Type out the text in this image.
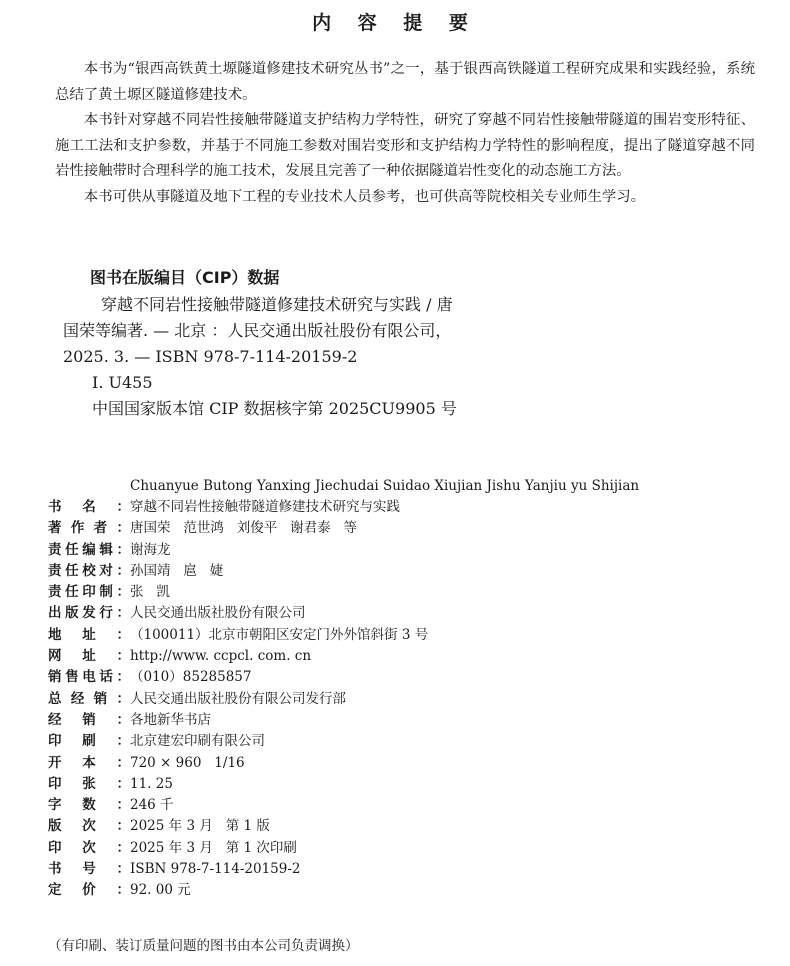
内 容 提 要

本书为“银西高铁黄土塬隧道修建技术研究丛书”之一，基于银西高铁隧道工程研究成果和实践经验，系统总结了黄土塬区隧道修建技术。

本书针对穿越不同岩性接触带隧道支护结构力学特性，研究了穿越不同岩性接触带隧道的围岩变形特征、施工工法和支护参数，并基于不同施工参数对围岩变形和支护结构力学特性的影响程度，提出了隧道穿越不同岩性接触带时合理科学的施工技术，发展且完善了一种依据隧道岩性变化的动态施工方法。

本书可供从事隧道及地下工程的专业技术人员参考，也可供高等院校相关专业师生学习。

图书在版编目（CIP）数据
穿越不同岩性接触带隧道修建技术研究与实践 / 唐
国荣等编著. — 北京 ：人民交通出版社股份有限公司，
2025. 3. — ISBN 978-7-114-20159-2
Ⅰ. U455
中国国家版本馆 CIP 数据核字第 2025CU9905 号

Chuanyue Butong Yanxing Jiechudai Suidao Xiujian Jishu Yanjiu yu Shijian

书名： 穿越不同岩性接触带隧道修建技术研究与实践
著作者： 唐国荣   范世鸿   刘俊平   谢君泰   等
责任编辑： 谢海龙
责任校对： 孙国靖   扈   婕
责任印制： 张   凯
出版发行： 人民交通出版社股份有限公司
地址： （100011）北京市朝阳区安定门外外馆斜街 3 号
网址： http://www. ccpcl. com. cn
销售电话： （010）85285857
总经销： 人民交通出版社股份有限公司发行部
经销： 各地新华书店
印刷： 北京建宏印刷有限公司
开本： 720 × 960   1/16
印张： 11. 25
字数： 246 千
版次： 2025 年 3 月   第 1 版
印次： 2025 年 3 月   第 1 次印刷
书号： ISBN 978-7-114-20159-2
定价： 92. 00 元

（有印刷、装订质量问题的图书由本公司负责调换）
